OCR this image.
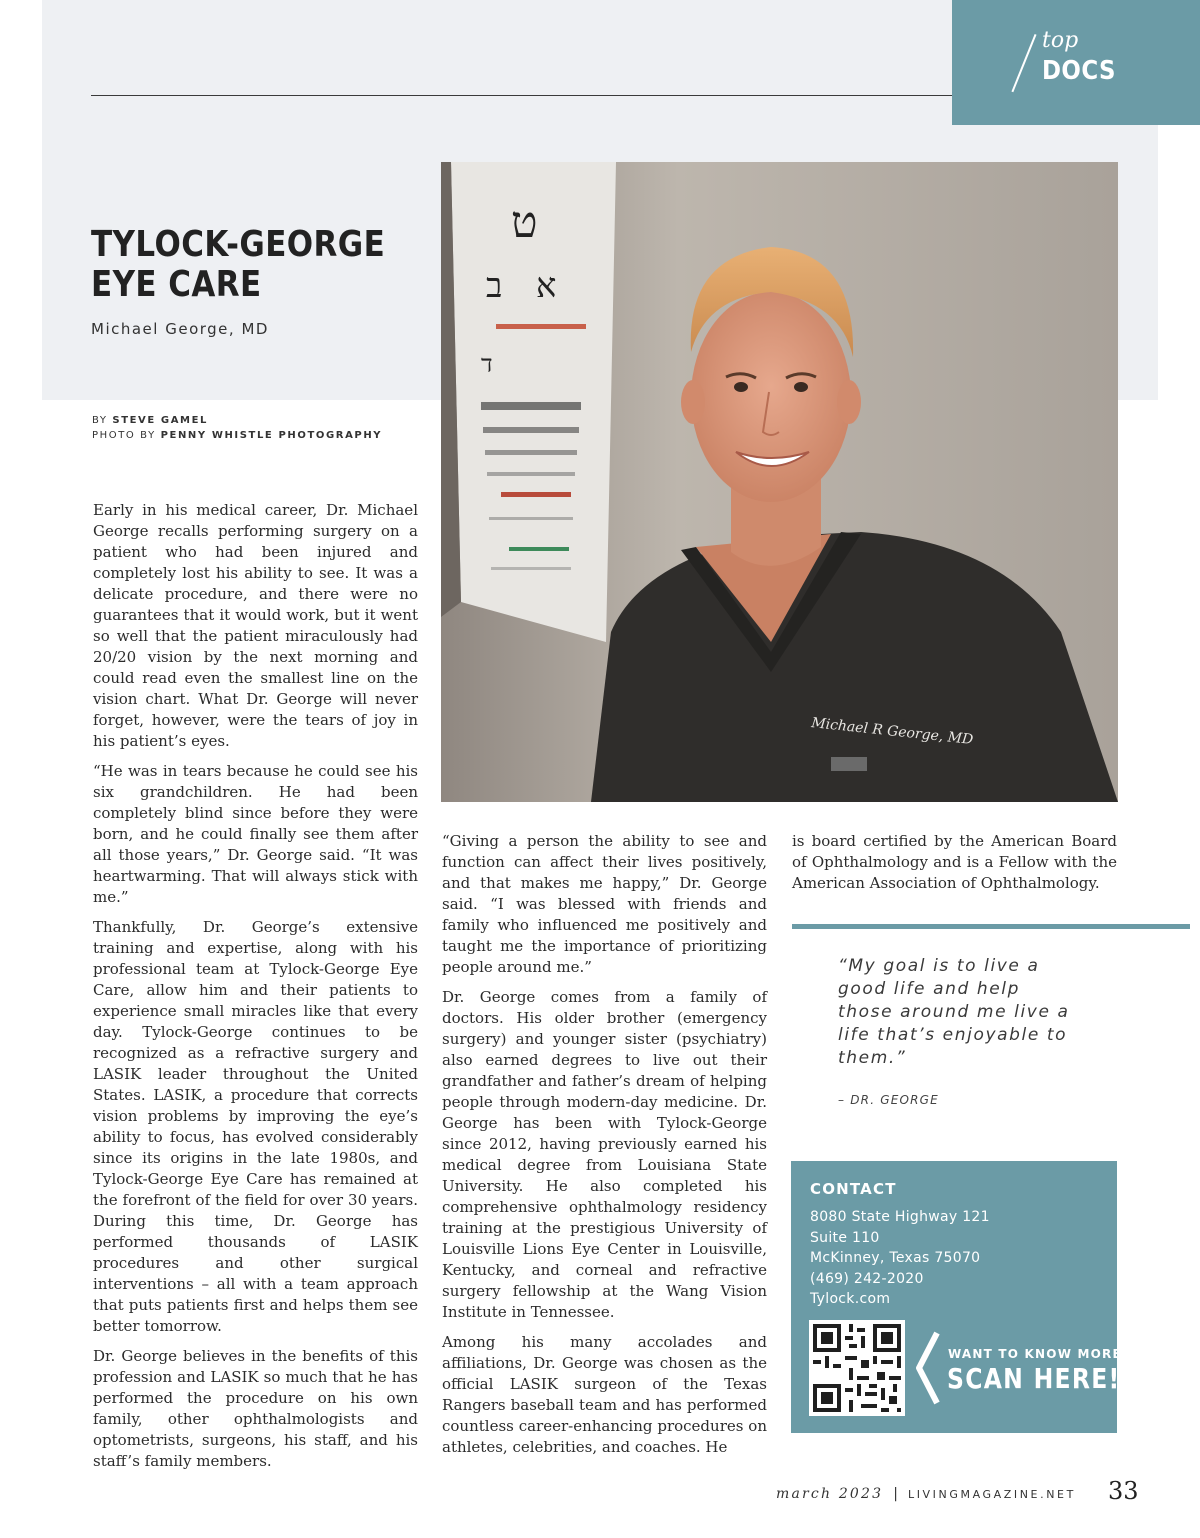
top
DOCS
TYLOCK-GEORGE
EYE CARE
Michael George, MD
BY STEVE GAMEL
PHOTO BY PENNY WHISTLE PHOTOGRAPHY
ט
ב א
ד
Michael R George, MD

Early in his medical career, Dr. Michael George recalls performing surgery on a patient who had been injured and completely lost his ability to see. It was a delicate procedure, and there were no guarantees that it would work, but it went so well that the patient miraculously had 20/20 vision by the next morning and could read even the smallest line on the vision chart. What Dr. George will never forget, however, were the tears of joy in his patient’s eyes.

“He was in tears because he could see his six grandchildren. He had been completely blind since before they were born, and he could finally see them after all those years,” Dr. George said. “It was heartwarming. That will always stick with me.”

Thankfully, Dr. George’s extensive training and expertise, along with his professional team at Tylock-George Eye Care, allow him and their patients to experience small miracles like that every day. Tylock-George continues to be recognized as a refractive surgery and LASIK leader throughout the United States. LASIK, a procedure that corrects vision problems by improving the eye’s ability to focus, has evolved considerably since its origins in the late 1980s, and Tylock-George Eye Care has remained at the forefront of the field for over 30 years. During this time, Dr. George has performed thousands of LASIK procedures and other surgical interventions – all with a team approach that puts patients first and helps them see better tomorrow.

Dr. George believes in the benefits of this profession and LASIK so much that he has performed the procedure on his own family, other ophthalmologists and optometrists, surgeons, his staff, and his staff’s family members.

“Giving a person the ability to see and function can affect their lives positively, and that makes me happy,” Dr. George said. “I was blessed with friends and family who influenced me positively and taught me the importance of prioritizing people around me.”

Dr. George comes from a family of doctors. His older brother (emergency surgery) and younger sister (psychiatry) also earned degrees to live out their grandfather and father’s dream of helping people through modern-day medicine. Dr. George has been with Tylock-George since 2012, having previously earned his medical degree from Louisiana State University. He also completed his comprehensive ophthalmology residency training at the prestigious University of Louisville Lions Eye Center in Louisville, Kentucky, and corneal and refractive surgery fellowship at the Wang Vision Institute in Tennessee.

Among his many accolades and affiliations, Dr. George was chosen as the official LASIK surgeon of the Texas Rangers baseball team and has performed countless career-enhancing procedures on athletes, celebrities, and coaches. He

is board certified by the American Board of Ophthalmology and is a Fellow with the American Association of Ophthalmology.

“My goal is to live a good life and help those around me live a life that’s enjoyable to them.”
– DR. GEORGE
CONTACT
8080 State Highway 121
Suite 110
McKinney, Texas 75070
(469) 242-2020
Tylock.com
WANT TO KNOW MORE?
SCAN HERE!
march 2023 | LIVINGMAGAZINE.NET 33
